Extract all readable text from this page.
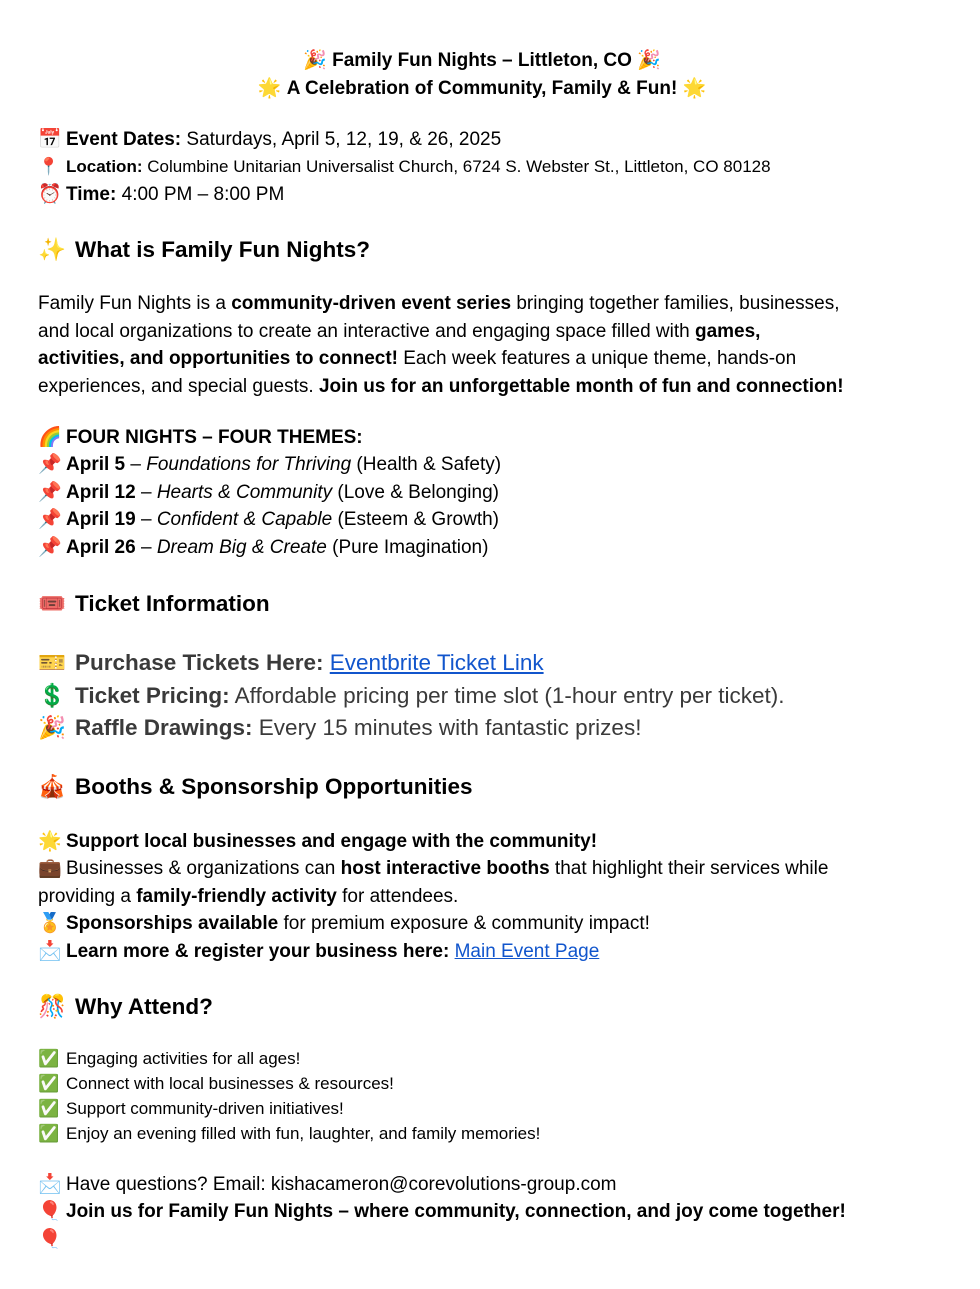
🎉 Family Fun Nights – Littleton, CO 🎉
🌟 A Celebration of Community, Family & Fun! 🌟
📅 Event Dates: Saturdays, April 5, 12, 19, & 26, 2025
📍 Location: Columbine Unitarian Universalist Church, 6724 S. Webster St., Littleton, CO 80128
⏰ Time: 4:00 PM – 8:00 PM
✨ What is Family Fun Nights?
Family Fun Nights is a community-driven event series bringing together families, businesses,
and local organizations to create an interactive and engaging space filled with games,
activities, and opportunities to connect! Each week features a unique theme, hands-on
experiences, and special guests. Join us for an unforgettable month of fun and connection!
🌈 FOUR NIGHTS – FOUR THEMES:
📌 April 5 – Foundations for Thriving (Health & Safety)
📌 April 12 – Hearts & Community (Love & Belonging)
📌 April 19 – Confident & Capable (Esteem & Growth)
📌 April 26 – Dream Big & Create (Pure Imagination)
🎟️ Ticket Information
🎫 Purchase Tickets Here: Eventbrite Ticket Link
💲 Ticket Pricing: Affordable pricing per time slot (1-hour entry per ticket).
🎉 Raffle Drawings: Every 15 minutes with fantastic prizes!
🎪 Booths & Sponsorship Opportunities
🌟 Support local businesses and engage with the community!
💼 Businesses & organizations can host interactive booths that highlight their services while
providing a family-friendly activity for attendees.
🏅 Sponsorships available for premium exposure & community impact!
📩 Learn more & register your business here: Main Event Page
🎊 Why Attend?
✅ Engaging activities for all ages!
✅ Connect with local businesses & resources!
✅ Support community-driven initiatives!
✅ Enjoy an evening filled with fun, laughter, and family memories!
📩 Have questions? Email: kishacameron@corevolutions-group.com
🎈 Join us for Family Fun Nights – where community, connection, and joy come together!
🎈
